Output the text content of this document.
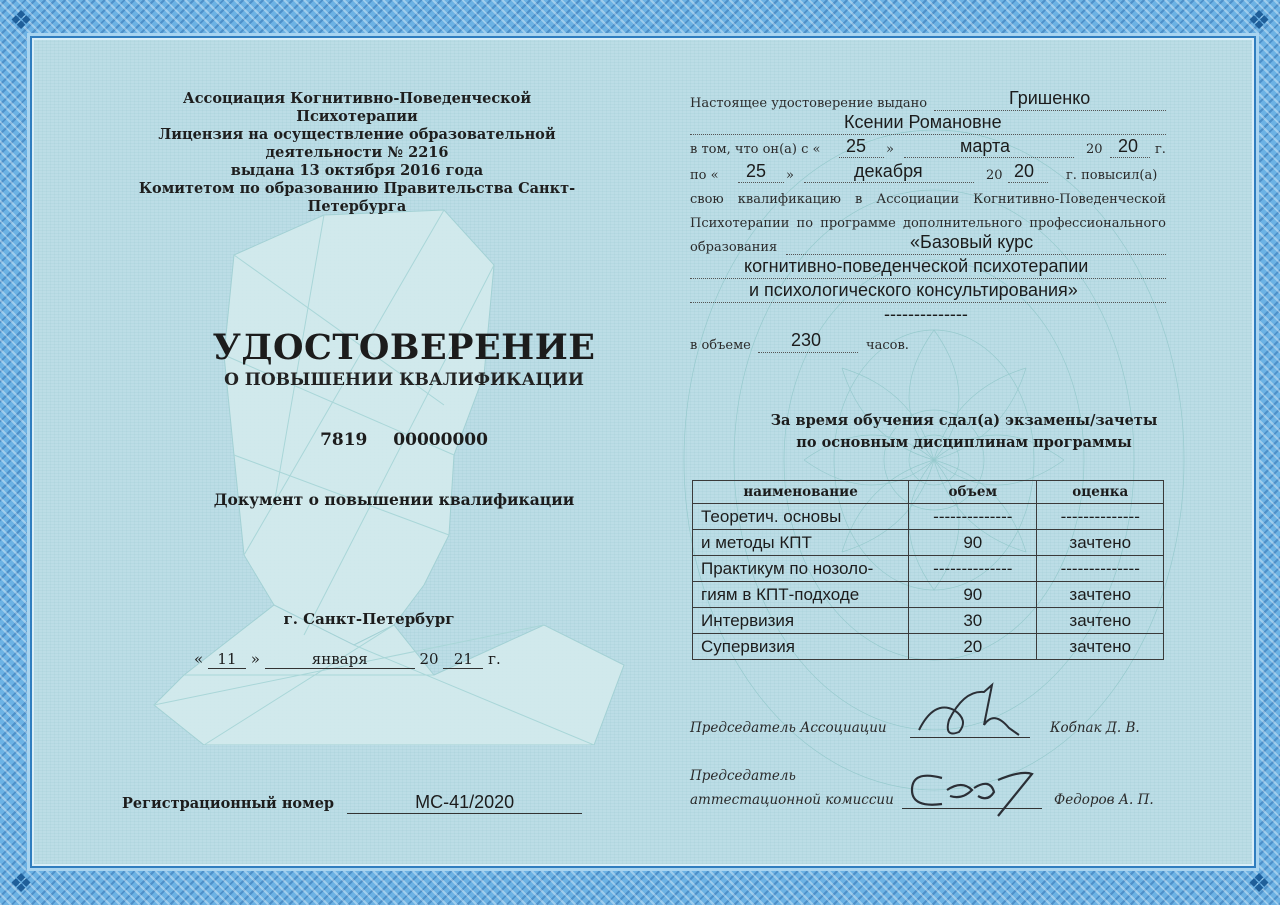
❖	❖
❖	❖
Ассоциация Когнитивно-Поведенческой Психотерапии
Лицензия на осуществление образовательной деятельности № 2216
выдана 13 октября 2016 года
Комитетом по образованию Правительства Санкт-Петербурга
УДОСТОВЕРЕНИЕ
О ПОВЫШЕНИИ КВАЛИФИКАЦИИ
7819 00000000
Документ о повышении квалификации
г. Санкт-Петербург
« 11 »	января	20 21 г.
Регистрационный номер	МС-41/2020
Настоящее удостоверение выдано	Гришенко
Ксении Романовне
в том, что он(а) с « 25 »	марта	20 20 г.
по « 25 »	декабря	20 20 г. повысил(а)
свою квалификацию в Ассоциации Когнитивно-Поведенческой
Психотерапии по программе дополнительного профессионального
образования	«Базовый курс
когнитивно-поведенческой психотерапии
и психологического консультирования»
--------------
в объеме 230	часов.
За время обучения сдал(а) экзамены/зачеты
по основным дисциплинам программы
наименование	объем	оценка
Теоретич. основы	--------------	--------------
и методы КПТ	90	зачтено
Практикум по нозоло-	--------------	--------------
гиям в КПТ-подходе	90	зачтено
Интервизия	30	зачтено
Супервизия	20	зачтено
Председатель Ассоциации	Кобпак Д. В.
Председатель
аттестационной комиссии	Федоров А. П.
